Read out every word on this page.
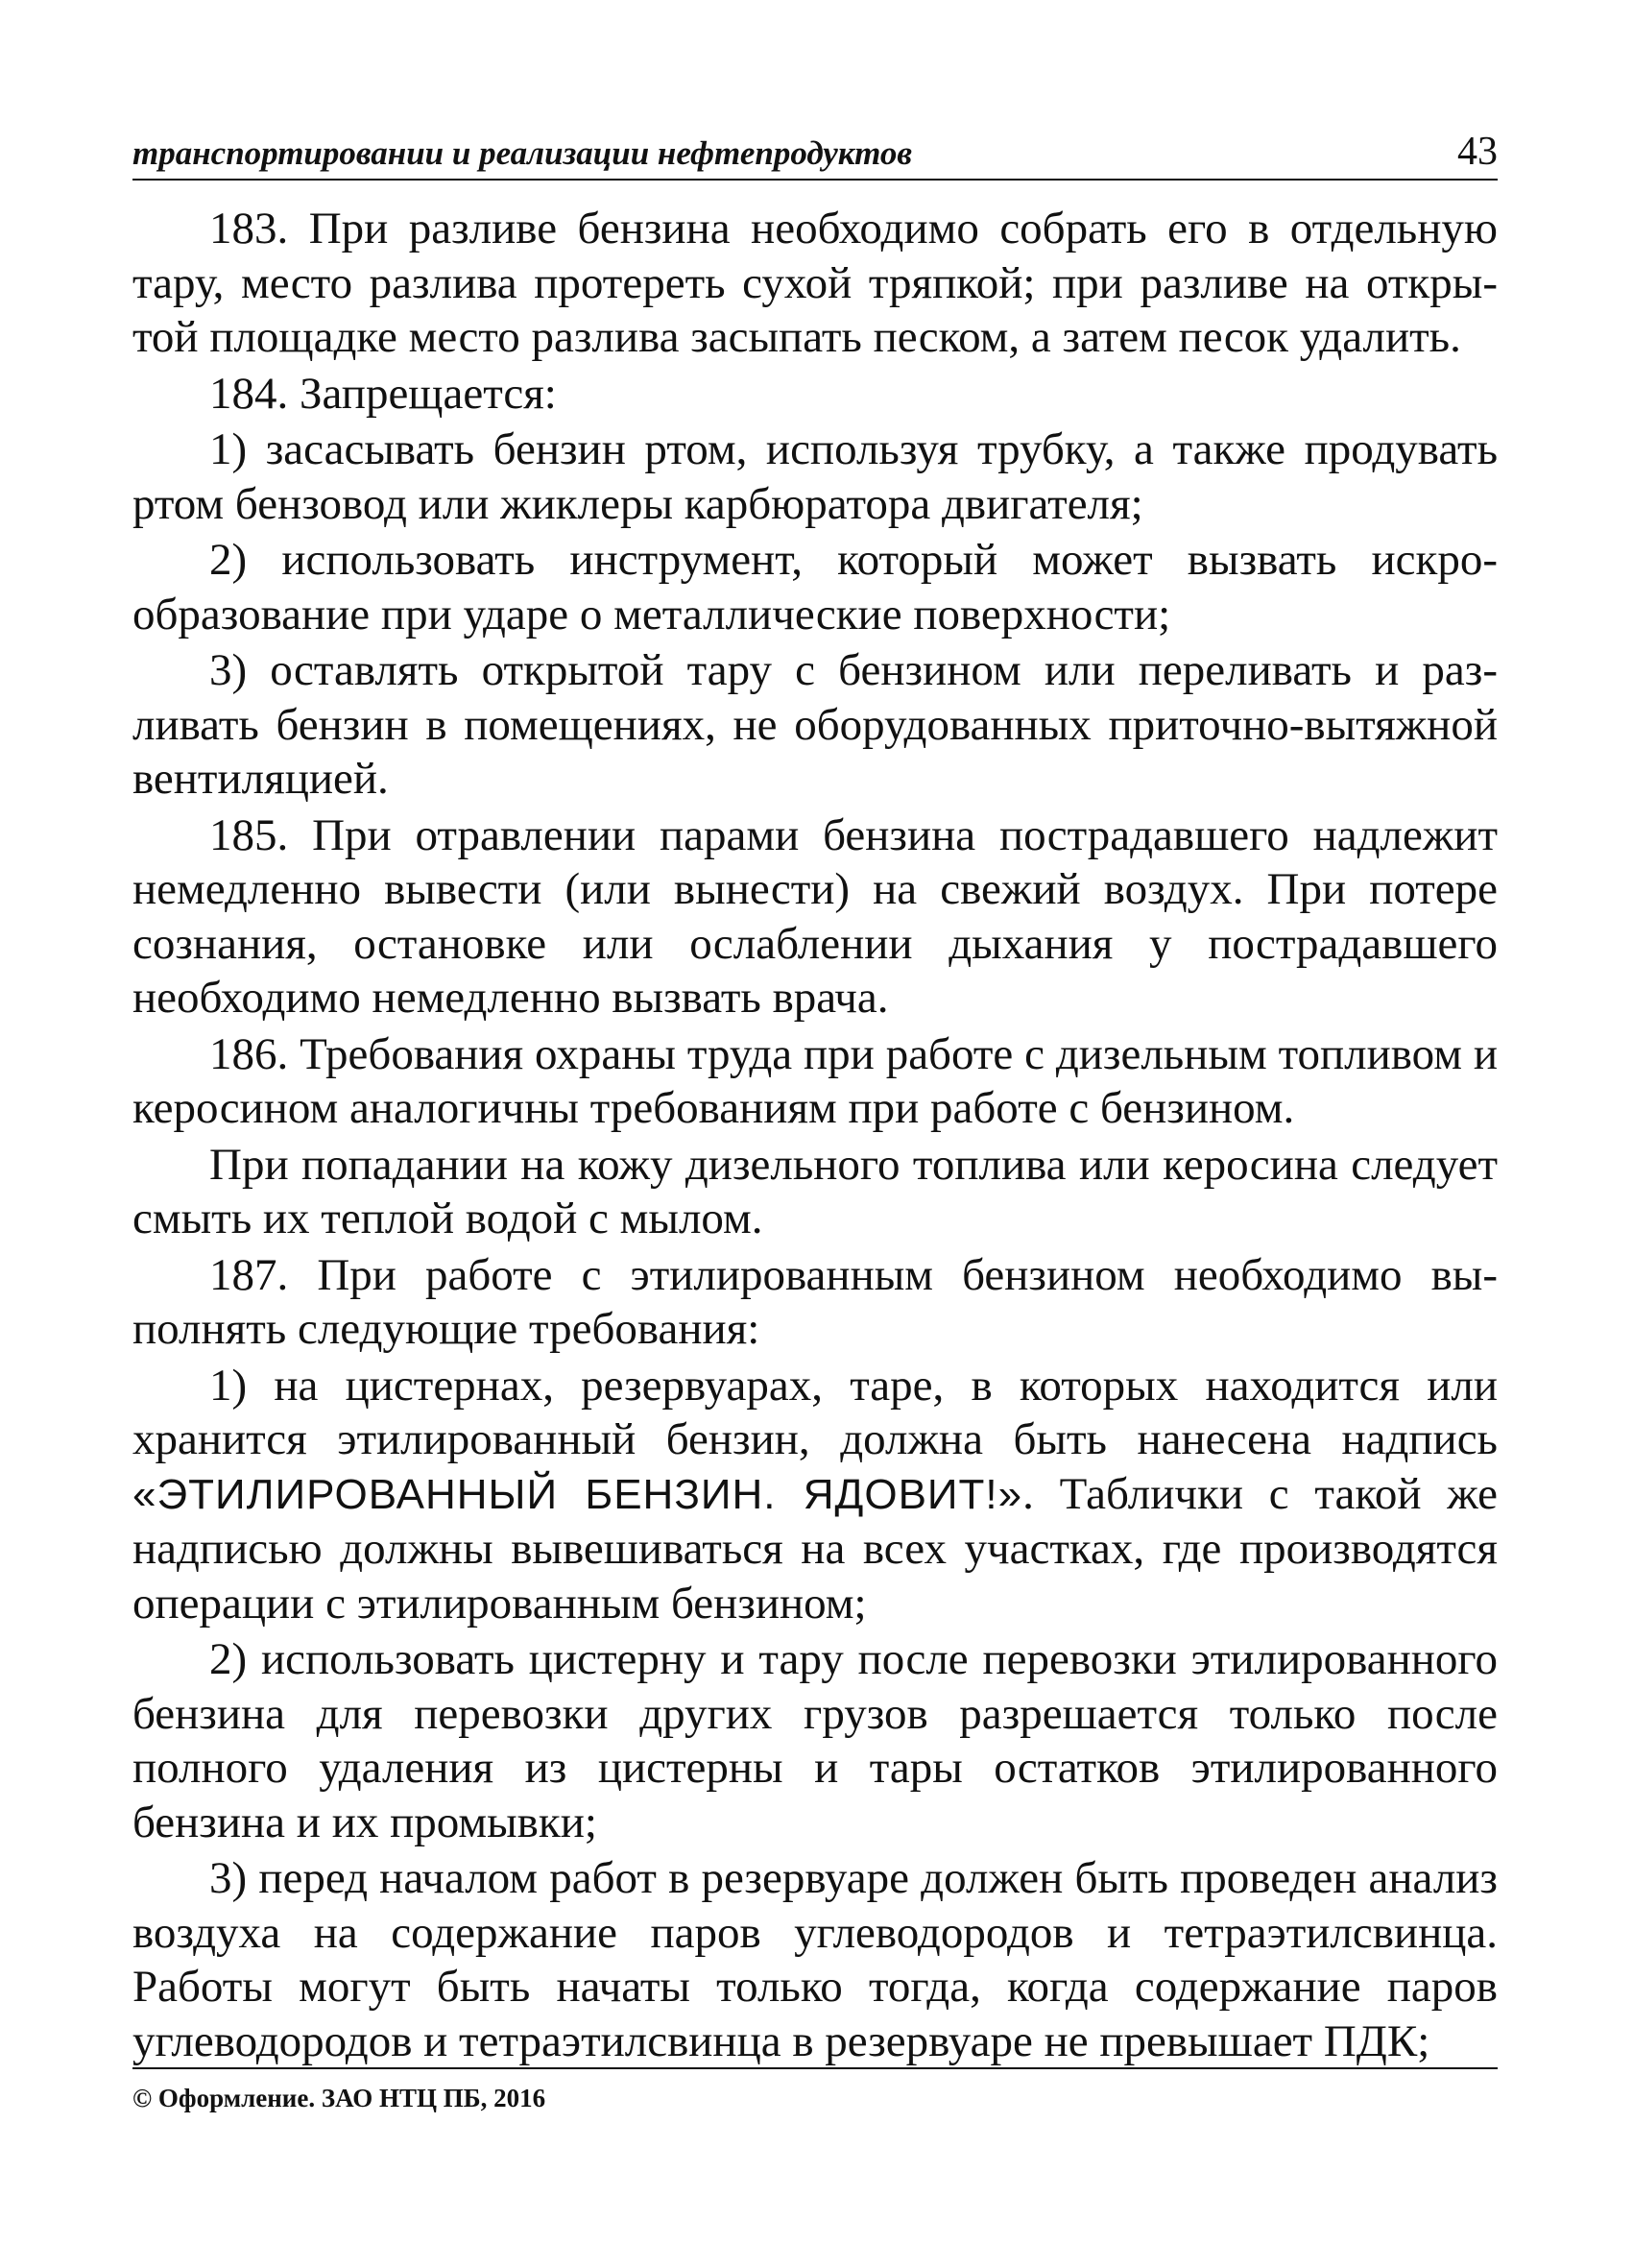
транспортировании и реализации нефтепродуктов	43

183. При разливе бензина необходимо собрать его в отдельную тару, место разлива протереть сухой тряпкой; при разливе на открытой площадке место разлива засыпать песком, а затем песок удалить.

184. Запрещается:

1) засасывать бензин ртом, используя трубку, а также продувать ртом бензовод или жиклеры карбюратора двигателя;

2) использовать инструмент, который может вызвать искрообразование при ударе о металлические поверхности;

3) оставлять открытой тару с бензином или переливать и разливать бензин в помещениях, не оборудованных приточно-вытяжной вентиляцией.

185. При отравлении парами бензина пострадавшего надлежит немедленно вывести (или вынести) на свежий воздух. При потере сознания, остановке или ослаблении дыхания у пострадавшего необходимо немедленно вызвать врача.

186. Требования охраны труда при работе с дизельным топливом и керосином аналогичны требованиям при работе с бензином.

При попадании на кожу дизельного топлива или керосина следует смыть их теплой водой с мылом.

187. При работе с этилированным бензином необходимо выполнять следующие требования:

1) на цистернах, резервуарах, таре, в которых находится или хранится этилированный бензин, должна быть нанесена надпись «ЭТИЛИРОВАННЫЙ БЕНЗИН. ЯДОВИТ!». Таблички с такой же надписью должны вывешиваться на всех участках, где производятся операции с этилированным бензином;

2) использовать цистерну и тару после перевозки этилированного бензина для перевозки других грузов разрешается только после полного удаления из цистерны и тары остатков этилированного бензина и их промывки;

3) перед началом работ в резервуаре должен быть проведен анализ воздуха на содержание паров углеводородов и тетраэтилсвинца. Работы могут быть начаты только тогда, когда содержание паров углеводородов и тетраэтилсвинца в резервуаре не превышает ПДК;

© Оформление. ЗАО НТЦ ПБ, 2016
